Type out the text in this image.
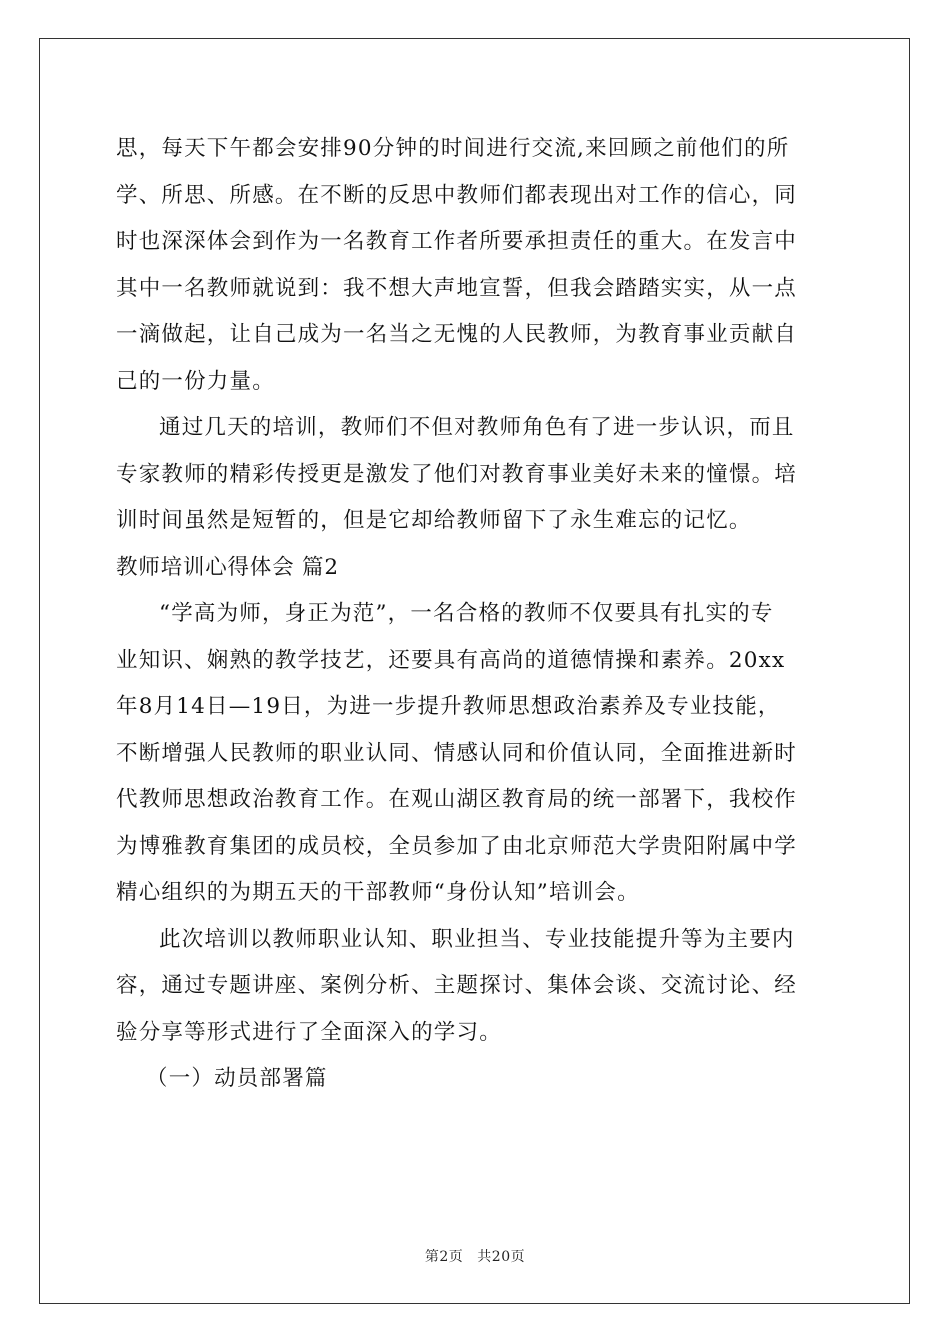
思，每天下午都会安排90分钟的时间进行交流,来回顾之前他们的所
学、所思、所感。在不断的反思中教师们都表现出对工作的信心，同
时也深深体会到作为一名教育工作者所要承担责任的重大。在发言中
其中一名教师就说到：我不想大声地宣誓，但我会踏踏实实，从一点
一滴做起，让自己成为一名当之无愧的人民教师，为教育事业贡献自
己的一份力量。
通过几天的培训，教师们不但对教师角色有了进一步认识，而且
专家教师的精彩传授更是激发了他们对教育事业美好未来的憧憬。培
训时间虽然是短暂的，但是它却给教师留下了永生难忘的记忆。
教师培训心得体会 篇2
“学高为师，身正为范”，一名合格的教师不仅要具有扎实的专
业知识、娴熟的教学技艺，还要具有高尚的道德情操和素养。20xx
年8月14日—19日，为进一步提升教师思想政治素养及专业技能，
不断增强人民教师的职业认同、情感认同和价值认同，全面推进新时
代教师思想政治教育工作。在观山湖区教育局的统一部署下，我校作
为博雅教育集团的成员校，全员参加了由北京师范大学贵阳附属中学
精心组织的为期五天的干部教师“身份认知”培训会。
此次培训以教师职业认知、职业担当、专业技能提升等为主要内
容，通过专题讲座、案例分析、主题探讨、集体会谈、交流讨论、经
验分享等形式进行了全面深入的学习。
（一）动员部署篇
第2页 共20页
